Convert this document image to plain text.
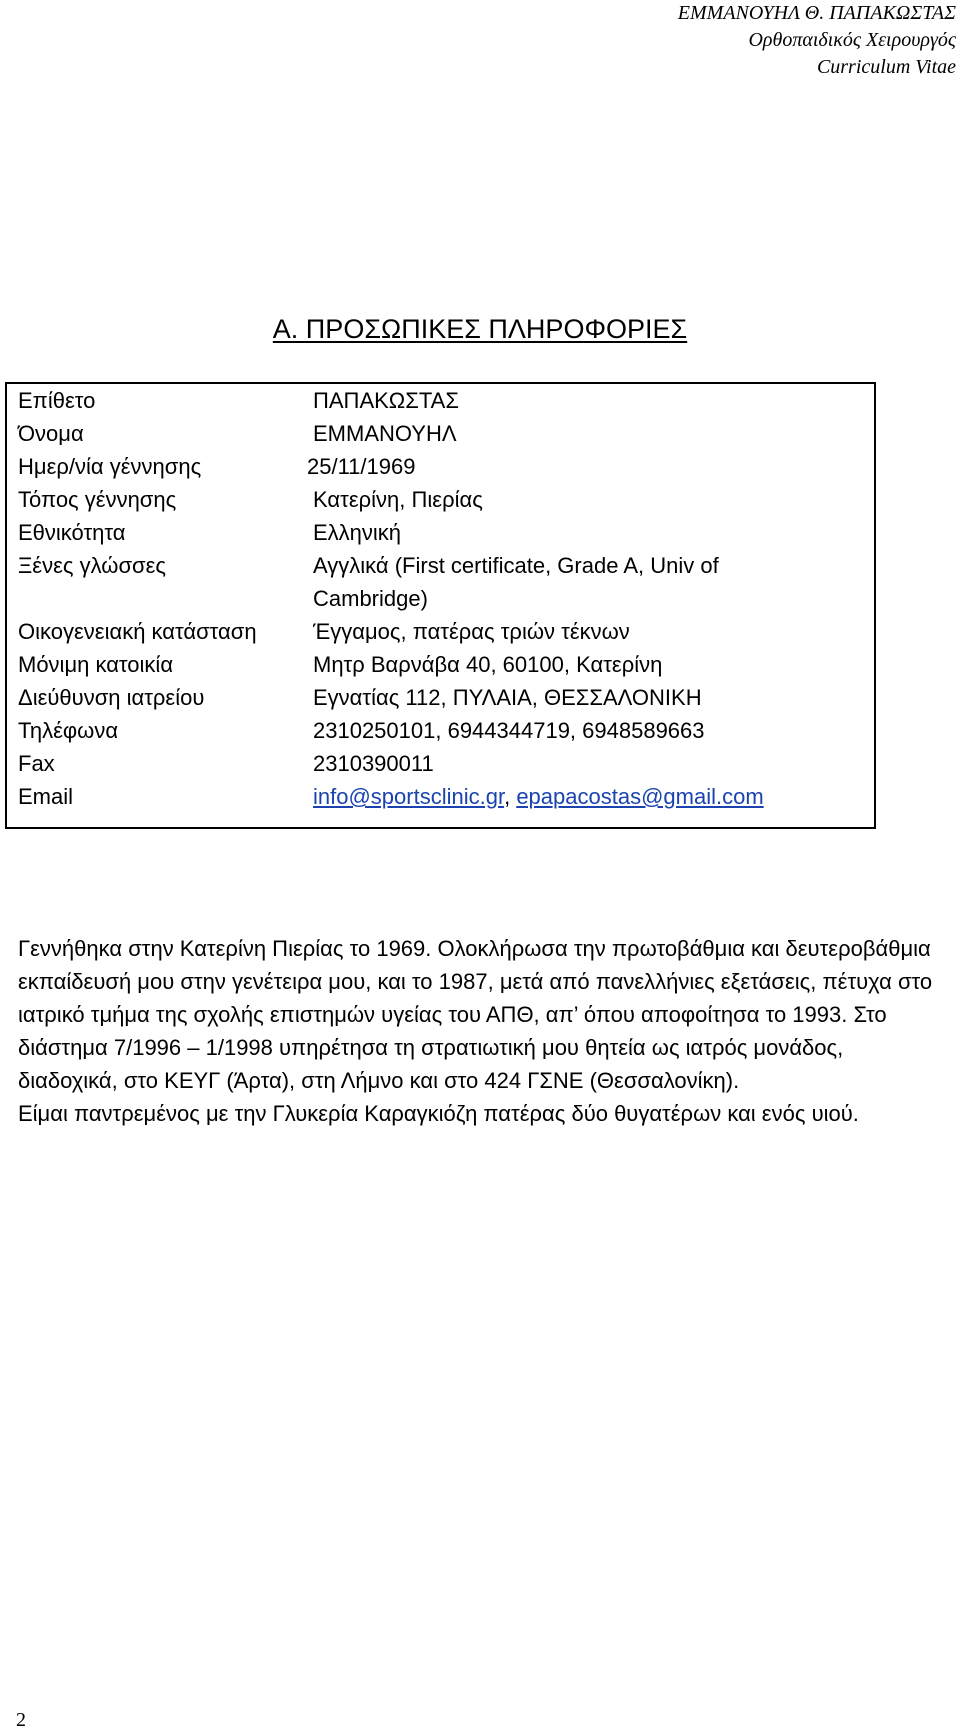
ΕΜΜΑΝΟΥΗΛ Θ. ΠΑΠΑΚΩΣΤΑΣ
Ορθοπαιδικός Χειρουργός
Curriculum Vitae
Α. ΠΡΟΣΩΠΙΚΕΣ ΠΛΗΡΟΦΟΡΙΕΣ
Επίθετο	ΠΑΠΑΚΩΣΤΑΣ
Όνομα	ΕΜΜΑΝΟΥΗΛ
Ημερ/νία γέννησης	25/11/1969
Τόπος γέννησης	Κατερίνη, Πιερίας
Εθνικότητα	Ελληνική
Ξένες γλώσσες	Αγγλικά (First certificate, Grade A, Univ of
Cambridge)
Οικογενειακή κατάσταση	Έγγαμος, πατέρας τριών τέκνων
Μόνιμη κατοικία	Μητρ Βαρνάβα 40, 60100, Κατερίνη
Διεύθυνση ιατρείου	Εγνατίας 112, ΠΥΛΑΙΑ, ΘΕΣΣΑΛΟΝΙΚΗ
Τηλέφωνα	2310250101, 6944344719, 6948589663
Fax	2310390011
Email	info@sportsclinic.gr, epapacostas@gmail.com

Γεννήθηκα στην Κατερίνη Πιερίας το 1969. Ολοκλήρωσα την πρωτοβάθμια και δευτεροβάθμια εκπαίδευσή μου στην γενέτειρα μου, και το 1987, μετά από πανελλήνιες εξετάσεις, πέτυχα στο ιατρικό τμήμα της σχολής επιστημών υγείας του ΑΠΘ, απ’ όπου αποφοίτησα το 1993. Στο διάστημα 7/1996 – 1/1998 υπηρέτησα τη στρατιωτική μου θητεία ως ιατρός μονάδος, διαδοχικά, στο ΚΕΥΓ (Άρτα), στη Λήμνο και στο 424 ΓΣΝΕ (Θεσσαλονίκη).

Είμαι παντρεμένος με την Γλυκερία Καραγκιόζη πατέρας δύο θυγατέρων και ενός υιού.

2
